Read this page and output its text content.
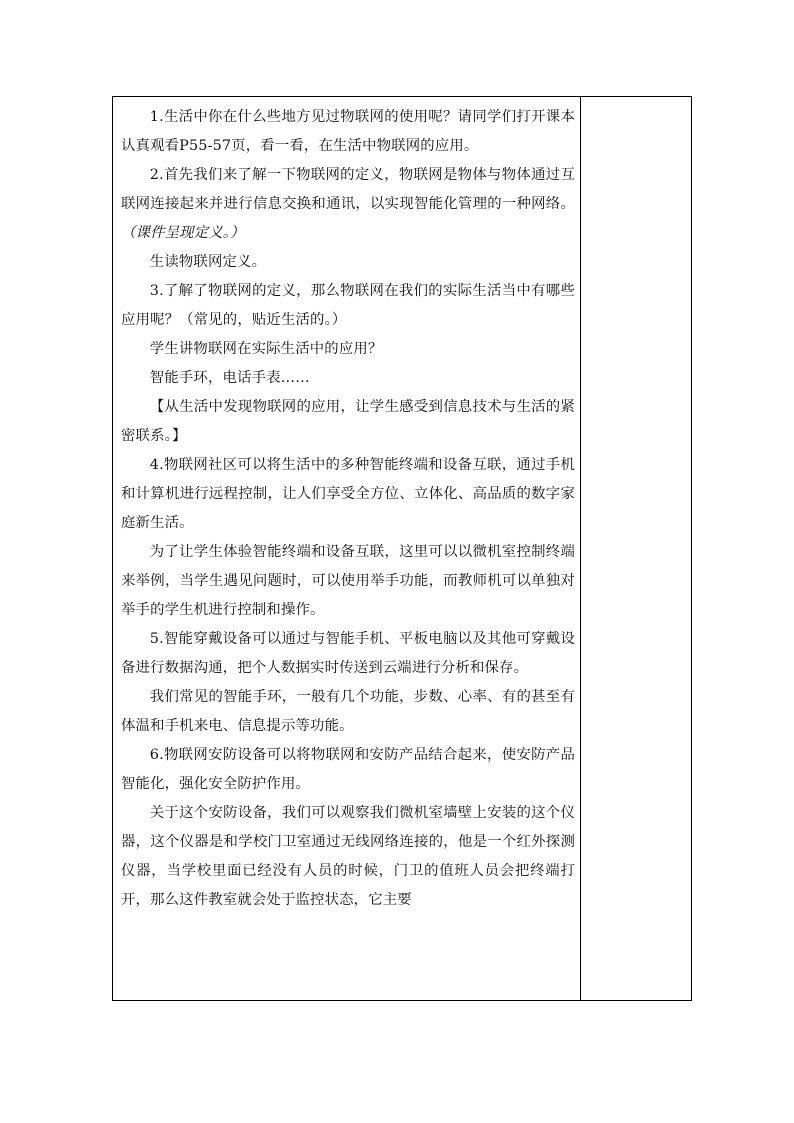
1.生活中你在什么些地方见过物联网的使用呢？请同学们打开课本认真观看P55-57页，看一看，在生活中物联网的应用。

2.首先我们来了解一下物联网的定义，物联网是物体与物体通过互联网连接起来并进行信息交换和通讯，以实现智能化管理的一种网络。（课件呈现定义。）

生读物联网定义。

3.了解了物联网的定义，那么物联网在我们的实际生活当中有哪些应用呢？（常见的，贴近生活的。）

学生讲物联网在实际生活中的应用？

智能手环，电话手表……

【从生活中发现物联网的应用，让学生感受到信息技术与生活的紧密联系。】

4.物联网社区可以将生活中的多种智能终端和设备互联，通过手机和计算机进行远程控制，让人们享受全方位、立体化、高品质的数字家庭新生活。

为了让学生体验智能终端和设备互联，这里可以以微机室控制终端来举例，当学生遇见问题时，可以使用举手功能，而教师机可以单独对举手的学生机进行控制和操作。

5.智能穿戴设备可以通过与智能手机、平板电脑以及其他可穿戴设备进行数据沟通，把个人数据实时传送到云端进行分析和保存。

我们常见的智能手环，一般有几个功能，步数、心率、有的甚至有体温和手机来电、信息提示等功能。

6.物联网安防设备可以将物联网和安防产品结合起来，使安防产品智能化，强化安全防护作用。

关于这个安防设备，我们可以观察我们微机室墙壁上安装的这个仪器，这个仪器是和学校门卫室通过无线网络连接的，他是一个红外探测仪器，当学校里面已经没有人员的时候，门卫的值班人员会把终端打开，那么这件教室就会处于监控状态，它主要
